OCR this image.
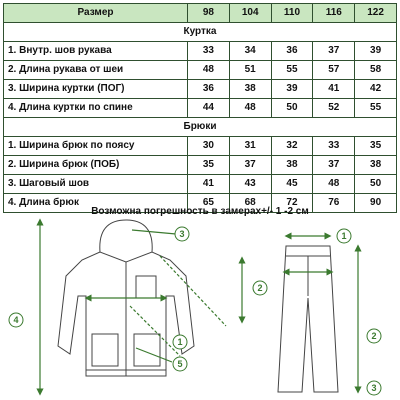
Размер	98	104	110	116	122
Куртка					
1. Внутр. шов рукава	33	34	36	37	39
2. Длина рукава от шеи	48	51	55	57	58
3. Ширина куртки (ПОГ)	36	38	39	41	42
4. Длина куртки по спине	44	48	50	52	55
Брюки					
1. Ширина брюк по поясу	30	31	32	33	35
2. Ширина брюк (ПОБ)	35	37	38	37	38
3. Шаговый шов	41	43	45	48	50
4. Длина брюк	65	68	72	76	90
Возможна погрешность в замерах+/- 1 -2 см
3
2
4
1
5
1
2
3
